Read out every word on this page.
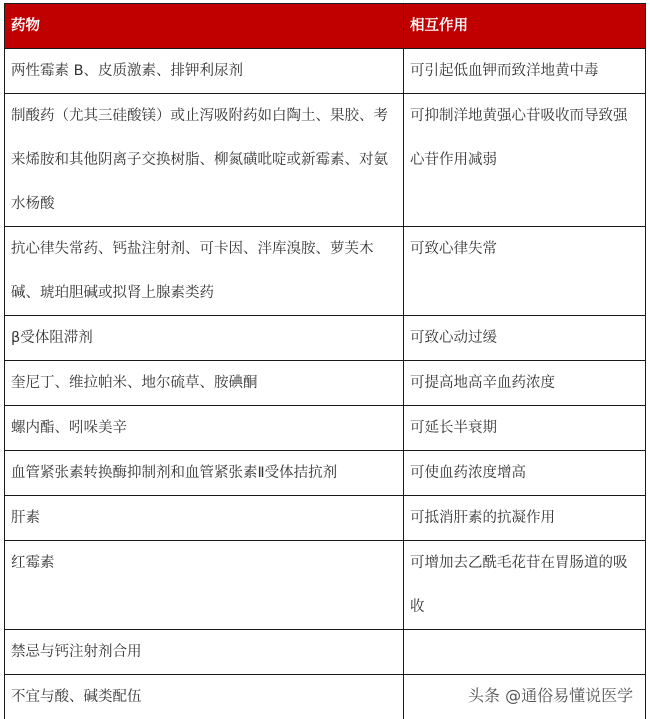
药物	相互作用

两性霉素 B、皮质激素、排钾利尿剂	可引起低血钾而致洋地黄中毒

制酸药（尤其三硅酸镁）或止泻吸附药如白陶土、果胶、考来烯胺和其他阴离子交换树脂、柳氮磺吡啶或新霉素、对氨水杨酸	可抑制洋地黄强心苷吸收而导致强心苷作用减弱

抗心律失常药、钙盐注射剂、可卡因、泮库溴胺、萝芙木碱、琥珀胆碱或拟肾上腺素类药	可致心律失常

β受体阻滞剂	可致心动过缓

奎尼丁、维拉帕米、地尔硫草、胺碘酮	可提高地高辛血药浓度

螺内酯、吲哚美辛	可延长半衰期

血管紧张素转换酶抑制剂和血管紧张素Ⅱ受体拮抗剂	可使血药浓度增高

肝素	可抵消肝素的抗凝作用

红霉素	可增加去乙酰毛花苷在胃肠道的吸收

禁忌与钙注射剂合用	

不宜与酸、碱类配伍	
		头条 @通俗易懂说医学
